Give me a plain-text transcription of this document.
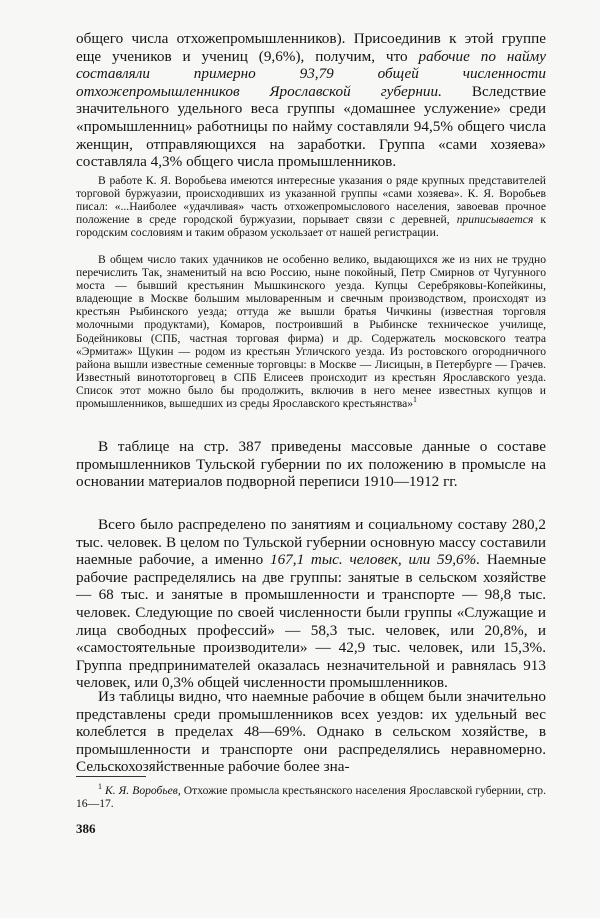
общего числа отхожепромышленников). Присоединив к этой группе еще учеников и учениц (9,6%), получим, что рабочие по найму составляли примерно 93,79 общей численности отхожепромышленников Ярославской губернии. Вследствие значительного удельного веса группы «домашнее услужение» среди «промышленниц» работницы по найму составляли 94,5% общего числа женщин, отправляющихся на заработки. Группа «сами хозяева» составляла 4,3% общего числа промышленников.

В работе К. Я. Воробьева имеются интересные указания о ряде крупных представителей торговой буржуазии, происходивших из указанной группы «сами хозяева». К. Я. Воробьев писал: «...Наиболее «удачливая» часть отхожепромыслового населения, завоевав прочное положение в среде городской буржуазии, порывает связи с деревней, приписывается к городским сословиям и таким образом ускользает от нашей регистрации.

В общем число таких удачников не особенно велико, выдающихся же из них не трудно перечислить Так, знаменитый на всю Россию, ныне покойный, Петр Смирнов от Чугунного моста — бывший крестьянин Мышкинского уезда. Купцы Серебряковы-Копейкины, владеющие в Москве большим мыловаренным и свечным производством, происходят из крестьян Рыбинского уезда; оттуда же вышли братья Чичкины (известная торговля молочными продуктами), Комаров, построивший в Рыбинске техническое училище, Бодейниковы (СПБ, частная торговая фирма) и др. Содержатель московского театра «Эрмитаж» Щукин — родом из крестьян Угличского уезда. Из ростовского огородничного района вышли известные семенные торговцы: в Москве — Лисицын, в Петербурге — Грачев. Известный винототорговец в СПБ Елисеев происходит из крестьян Ярославского уезда. Список этот можно было бы продолжить, включив в него менее известных купцов и промышленников, вышедших из среды Ярославского крестьянства»$^1$

В таблице на стр. 387 приведены массовые данные о составе промышленников Тульской губернии по их положению в промысле на основании материалов подворной переписи 1910—1912 гг.

Всего было распределено по занятиям и социальному составу 280,2 тыс. человек. В целом по Тульской губернии основную массу составили наемные рабочие, а именно 167,1 тыс. человек, или 59,6%. Наемные рабочие распределялись на две группы: занятые в сельском хозяйстве — 68 тыс. и занятые в промышленности и транспорте — 98,8 тыс. человек. Следующие по своей численности были группы «Служащие и лица свободных профессий» — 58,3 тыс. человек, или 20,8%, и «самостоятельные производители» — 42,9 тыс. человек, или 15,3%. Группа предпринимателей оказалась незначительной и равнялась 913 человек, или 0,3% общей численности промышленников.

Из таблицы видно, что наемные рабочие в общем были значительно представлены среди промышленников всех уездов: их удельный вес колеблется в пределах 48—69%. Однако в сельском хозяйстве, в промышленности и транспорте они распределялись неравномерно. Сельскохозяйственные рабочие более зна-

$^1$ К. Я. Воробьев, Отхожие промысла крестьянского населения Ярославской губернии, стр. 16—17.

386
